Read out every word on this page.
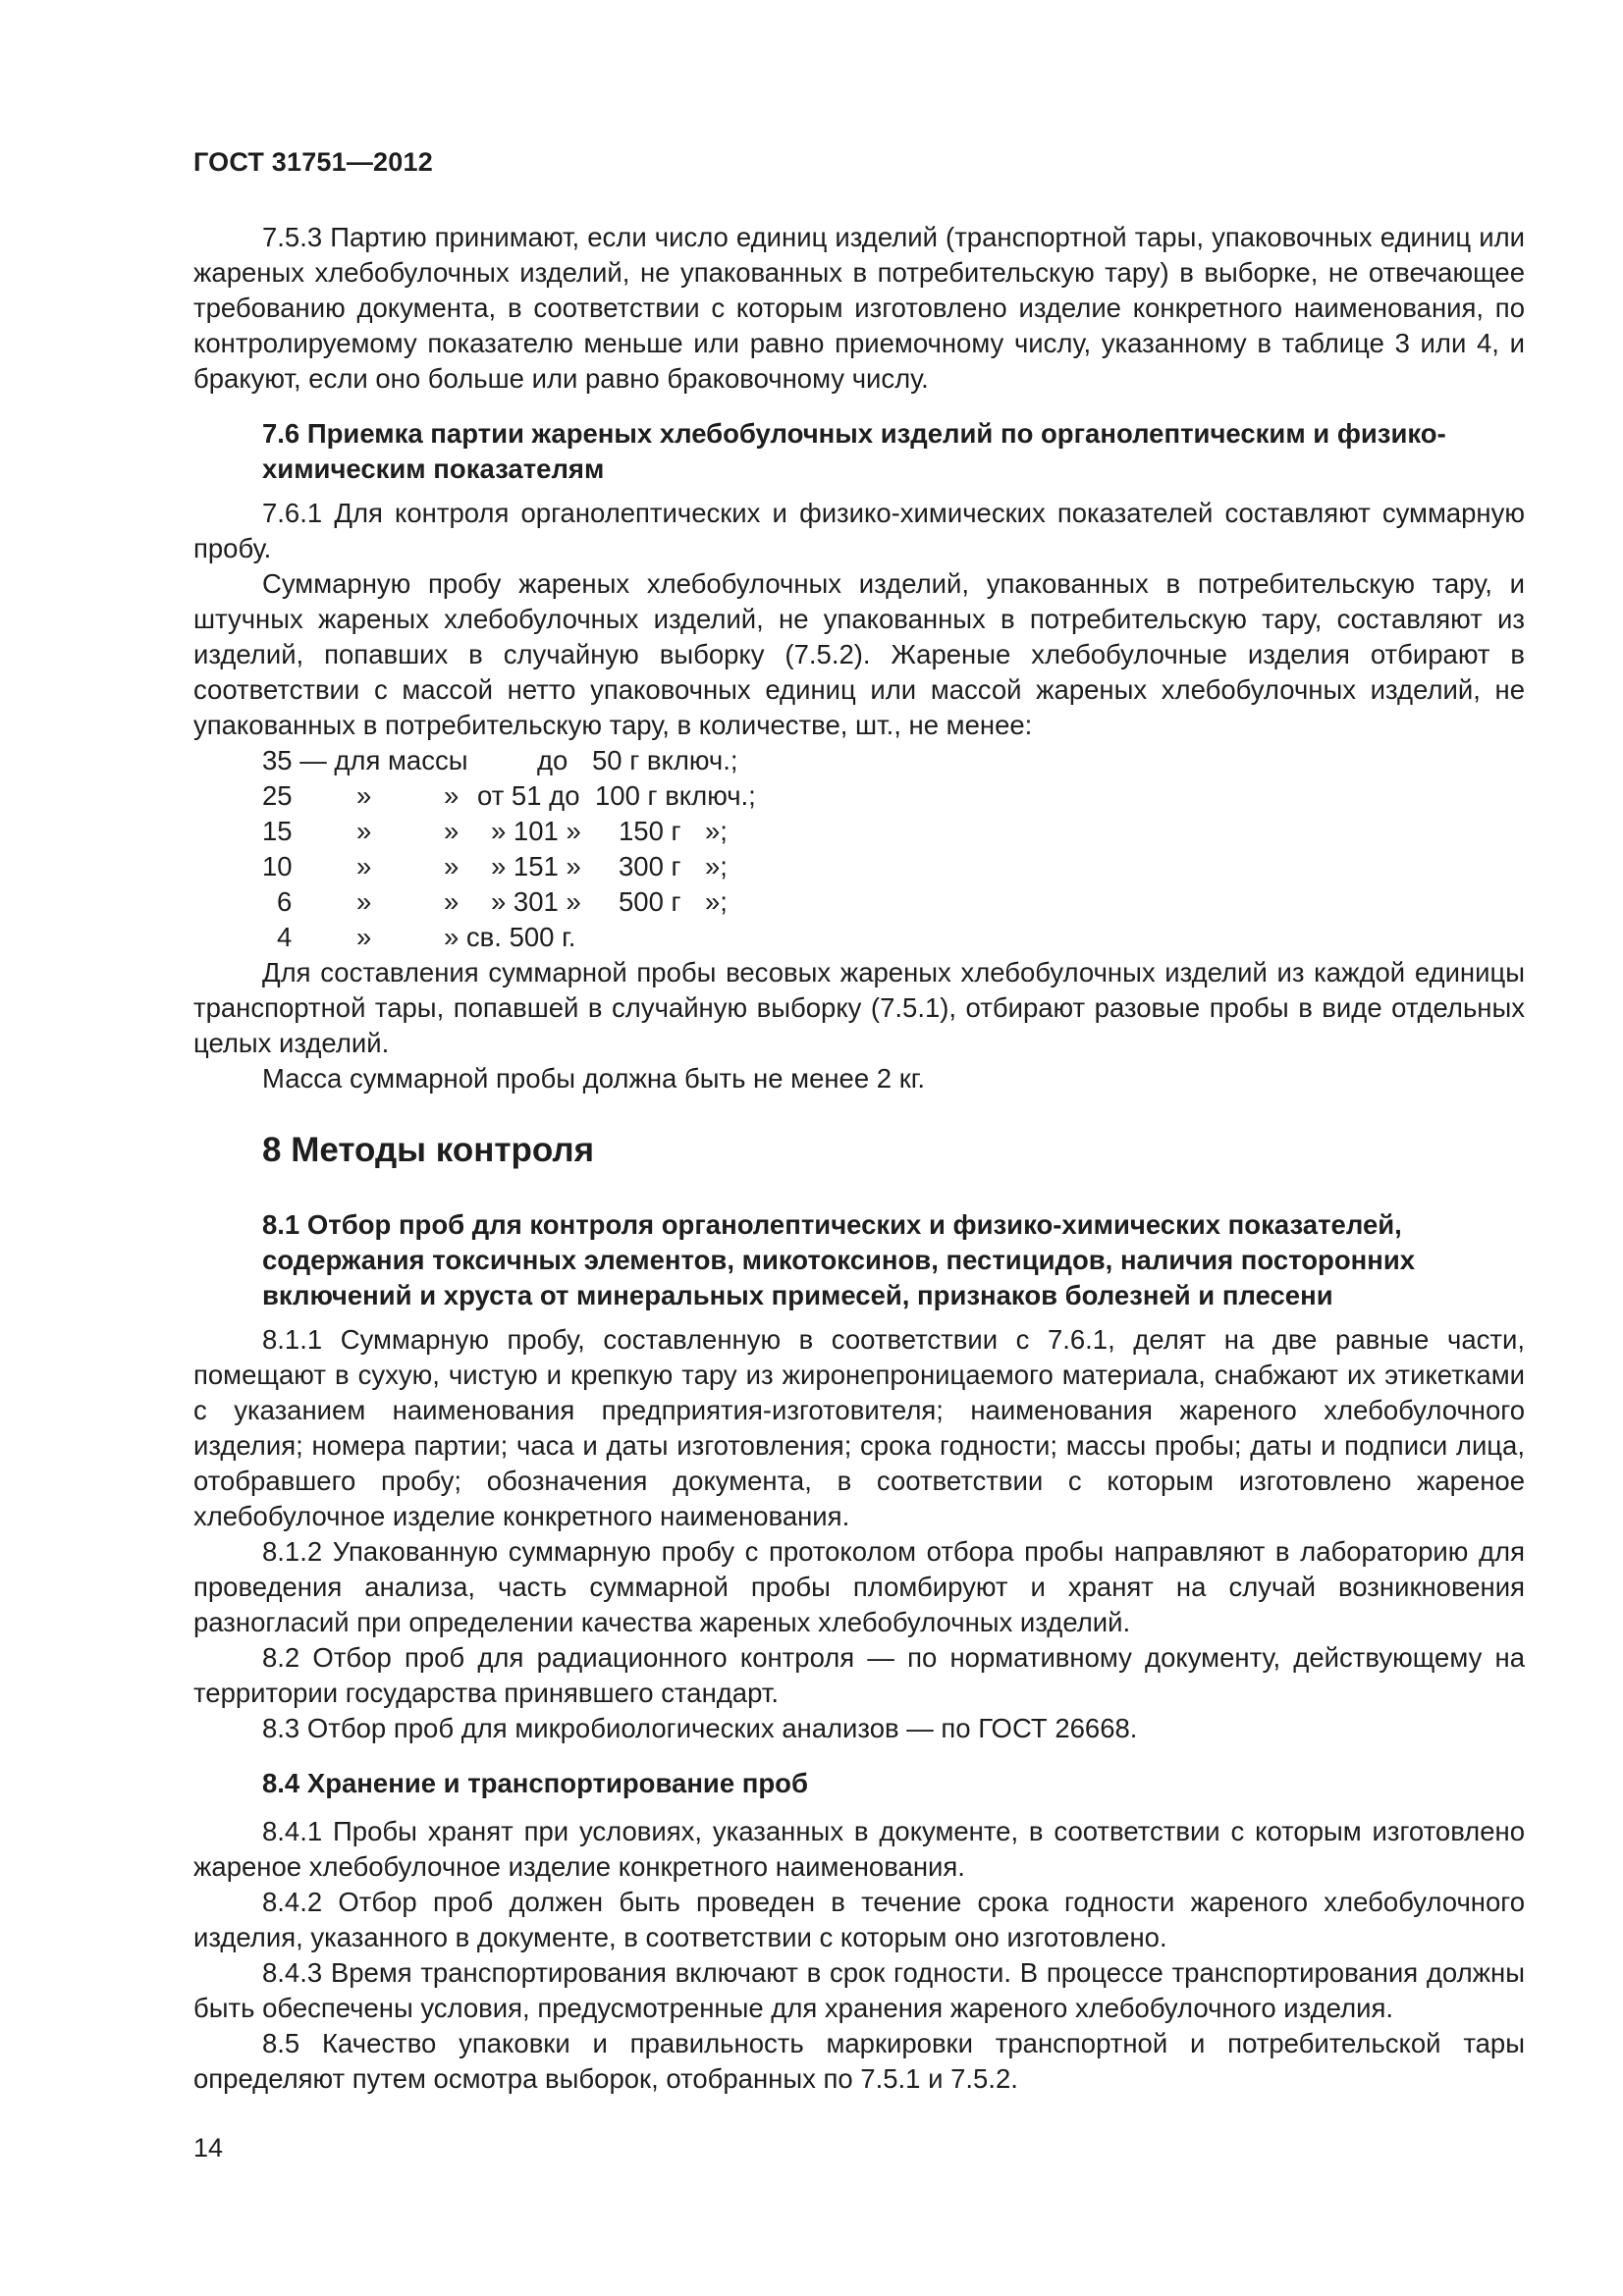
ГОСТ 31751—2012

7.5.3 Партию принимают, если число единиц изделий (транспортной тары, упаковочных единиц или жареных хлебобулочных изделий, не упакованных в потребительскую тару) в выборке, не отвечающее требованию документа, в соответствии с которым изготовлено изделие конкретного наименования, по контролируемому показателю меньше или равно приемочному числу, указанному в таблице 3 или 4, и бракуют, если оно больше или равно браковочному числу.

7.6 Приемка партии жареных хлебобулочных изделий по органолептическим и физико-химическим показателям

7.6.1 Для контроля органолептических и физико-химических показателей составляют суммарную пробу.

Суммарную пробу жареных хлебобулочных изделий, упакованных в потребительскую тару, и штучных жареных хлебобулочных изделий, не упакованных в потребительскую тару, составляют из изделий, попавших в случайную выборку (7.5.2). Жареные хлебобулочные изделия отбирают в соответствии с массой нетто упаковочных единиц или массой жареных хлебобулочных изделий, не упакованных в потребительскую тару, в количестве, шт., не менее:

35 — для массы	до 50 г включ.;
25 »	» от 51 до 100 г включ.;
15 »	» » 101 » 150 г »;
10 »	» » 151 » 300 г »;
6 »	» » 301 » 500 г »;
4 »	» св. 500 г.

Для составления суммарной пробы весовых жареных хлебобулочных изделий из каждой единицы транспортной тары, попавшей в случайную выборку (7.5.1), отбирают разовые пробы в виде отдельных целых изделий.

Масса суммарной пробы должна быть не менее 2 кг.

8 Методы контроля

8.1 Отбор проб для контроля органолептических и физико-химических показателей, содержания токсичных элементов, микотоксинов, пестицидов, наличия посторонних включений и хруста от минеральных примесей, признаков болезней и плесени

8.1.1 Суммарную пробу, составленную в соответствии с 7.6.1, делят на две равные части, помещают в сухую, чистую и крепкую тару из жиронепроницаемого материала, снабжают их этикетками с указанием наименования предприятия-изготовителя; наименования жареного хлебобулочного изделия; номера партии; часа и даты изготовления; срока годности; массы пробы; даты и подписи лица, отобравшего пробу; обозначения документа, в соответствии с которым изготовлено жареное хлебобулочное изделие конкретного наименования.

8.1.2 Упакованную суммарную пробу с протоколом отбора пробы направляют в лабораторию для проведения анализа, часть суммарной пробы пломбируют и хранят на случай возникновения разногласий при определении качества жареных хлебобулочных изделий.

8.2 Отбор проб для радиационного контроля — по нормативному документу, действующему на территории государства принявшего стандарт.

8.3 Отбор проб для микробиологических анализов — по ГОСТ 26668.

8.4 Хранение и транспортирование проб

8.4.1 Пробы хранят при условиях, указанных в документе, в соответствии с которым изготовлено жареное хлебобулочное изделие конкретного наименования.

8.4.2 Отбор проб должен быть проведен в течение срока годности жареного хлебобулочного изделия, указанного в документе, в соответствии с которым оно изготовлено.

8.4.3 Время транспортирования включают в срок годности. В процессе транспортирования должны быть обеспечены условия, предусмотренные для хранения жареного хлебобулочного изделия.

8.5 Качество упаковки и правильность маркировки транспортной и потребительской тары определяют путем осмотра выборок, отобранных по 7.5.1 и 7.5.2.

14
